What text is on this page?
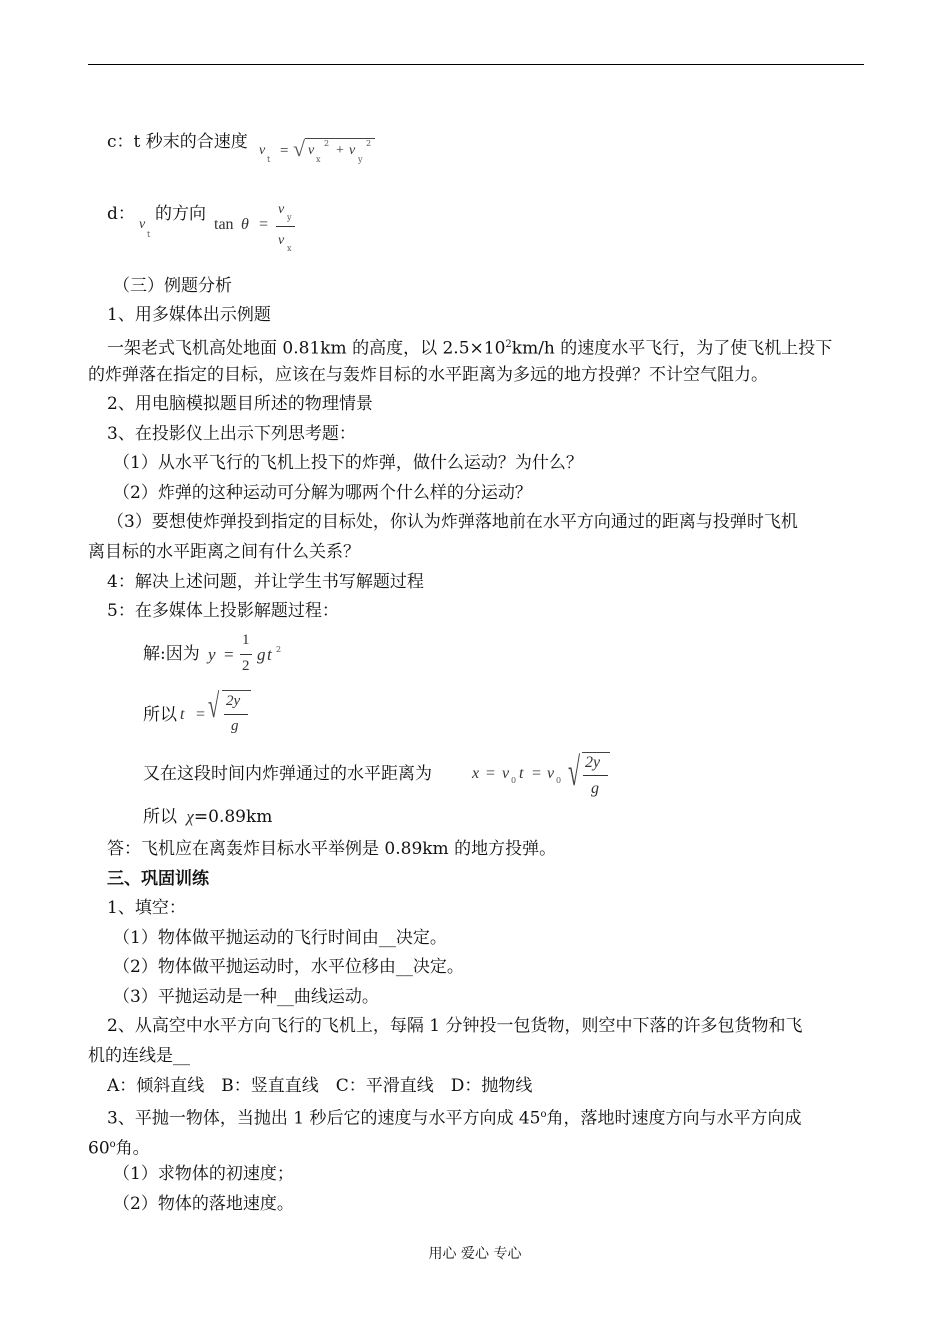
c：t 秒末的合速度 v
t
= √ v
x
2 + v
y
2
d：
v
t
的方向
tan θ =
v
y
v
x
（三）例题分析
1、用多媒体出示例题
一架老式飞机高处地面 0.81km 的高度，以 $2.5\times 10^2km/h$ 的速度水平飞行，为了使飞机上投下
的炸弹落在指定的目标，应该在与轰炸目标的水平距离为多远的地方投弹？不计空气阻力。
2、用电脑模拟题目所述的物理情景
3、在投影仪上出示下列思考题：
（1）从水平飞行的飞机上投下的炸弹，做什么运动？为什么？
（2）炸弹的这种运动可分解为哪两个什么样的分运动？
（3）要想使炸弹投到指定的目标处，你认为炸弹落地前在水平方向通过的距离与投弹时飞机
离目标的水平距离之间有什么关系？
4：解决上述问题，并让学生书写解题过程
5：在多媒体上投影解题过程：
解:因为 y =
1
2
g t 2
所以 t = √ 2y
g
又在这段时间内炸弹通过的水平距离为	x = v 0 t = v 0 √ 2y
g
所以 χ=0.89km
答：飞机应在离轰炸目标水平举例是 0.89km 的地方投弹。
三、巩固训练
1、填空：
（1）物体做平抛运动的飞行时间由__决定。
（2）物体做平抛运动时，水平位移由__决定。
（3）平抛运动是一种__曲线运动。
2、从高空中水平方向飞行的飞机上，每隔 1 分钟投一包货物，则空中下落的许多包货物和飞
机的连线是__
A：倾斜直线　B：竖直直线　C：平滑直线　D：抛物线
3、平抛一物体，当抛出 1 秒后它的速度与水平方向成 45$^o$角，落地时速度方向与水平方向成
60$^o$角。
（1）求物体的初速度；
（2）物体的落地速度。
用心 爱心 专心
